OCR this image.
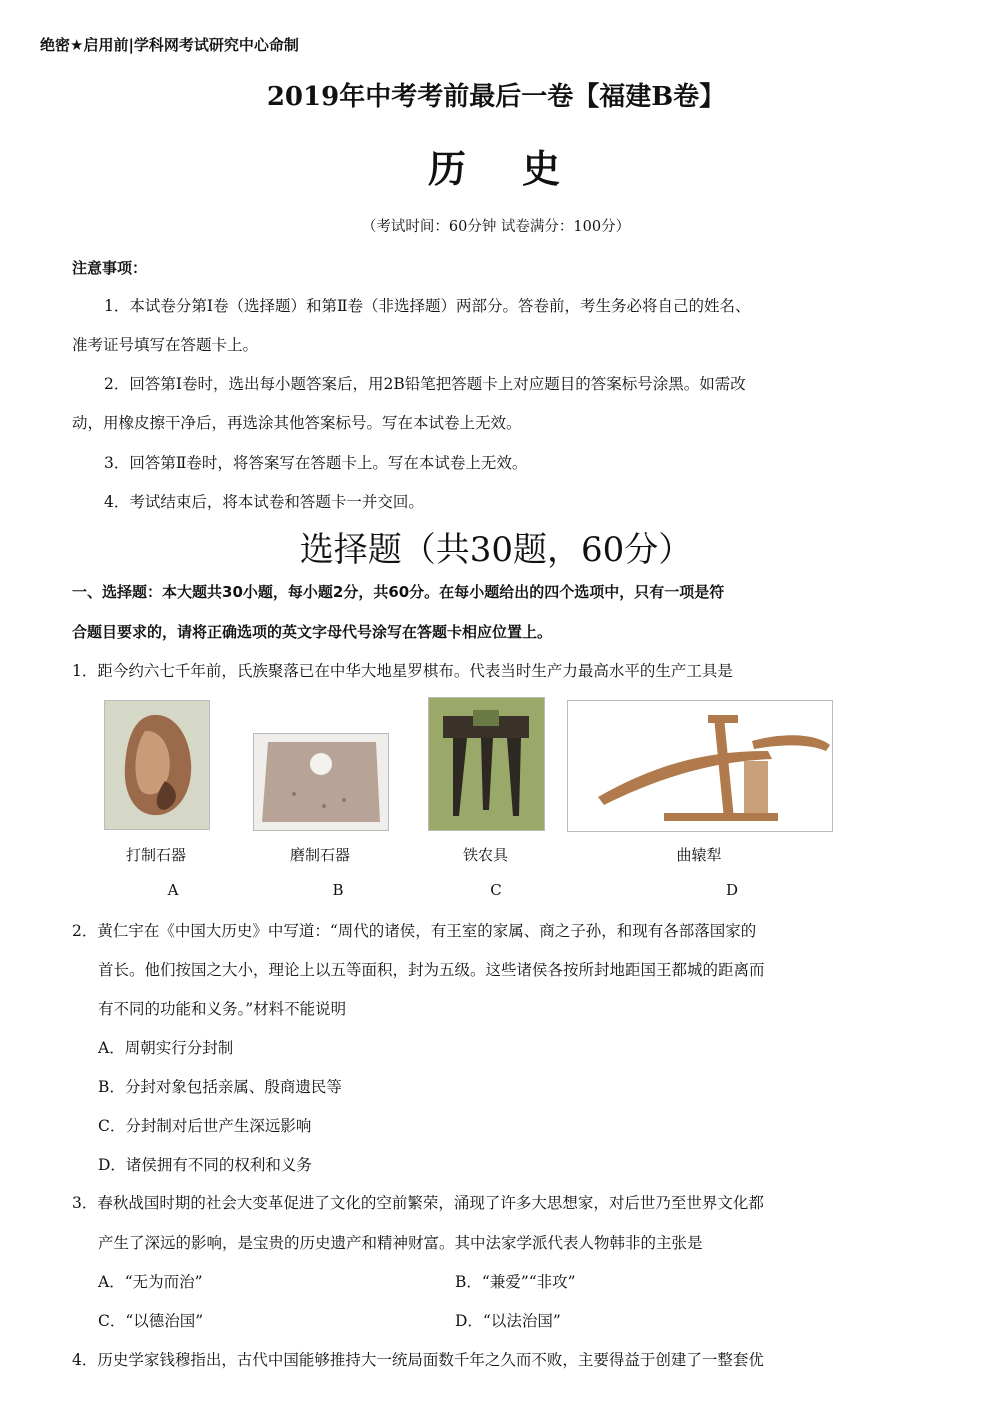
绝密★启用前|学科网考试研究中心命制
2019年中考考前最后一卷【福建B卷】
历 史
（考试时间：60分钟 试卷满分：100分）
注意事项：
1．本试卷分第Ⅰ卷（选择题）和第Ⅱ卷（非选择题）两部分。答卷前，考生务必将自己的姓名、
准考证号填写在答题卡上。
2．回答第Ⅰ卷时，选出每小题答案后，用2B铅笔把答题卡上对应题目的答案标号涂黑。如需改
动，用橡皮擦干净后，再选涂其他答案标号。写在本试卷上无效。
3．回答第Ⅱ卷时，将答案写在答题卡上。写在本试卷上无效。
4．考试结束后，将本试卷和答题卡一并交回。
选择题（共30题，60分）
一、选择题：本大题共30小题，每小题2分，共60分。在每小题给出的四个选项中，只有一项是符
合题目要求的，请将正确选项的英文字母代号涂写在答题卡相应位置上。
1．距今约六七千年前，氏族聚落已在中华大地星罗棋布。代表当时生产力最高水平的生产工具是
打制石器	磨制石器	铁农具	曲辕犁
A	B	C	D
2．黄仁宇在《中国大历史》中写道：“周代的诸侯，有王室的家属、商之子孙，和现有各部落国家的
首长。他们按国之大小，理论上以五等面积，封为五级。这些诸侯各按所封地距国王都城的距离而
有不同的功能和义务。”材料不能说明
A．周朝实行分封制
B．分封对象包括亲属、殷商遗民等
C．分封制对后世产生深远影响
D．诸侯拥有不同的权利和义务
3．春秋战国时期的社会大变革促进了文化的空前繁荣，涌现了许多大思想家，对后世乃至世界文化都
产生了深远的影响，是宝贵的历史遗产和精神财富。其中法家学派代表人物韩非的主张是
A．“无为而治”	B．“兼爱”“非攻”
C．“以德治国”	D．“以法治国”
4．历史学家钱穆指出，古代中国能够推持大一统局面数千年之久而不败，主要得益于创建了一整套优
